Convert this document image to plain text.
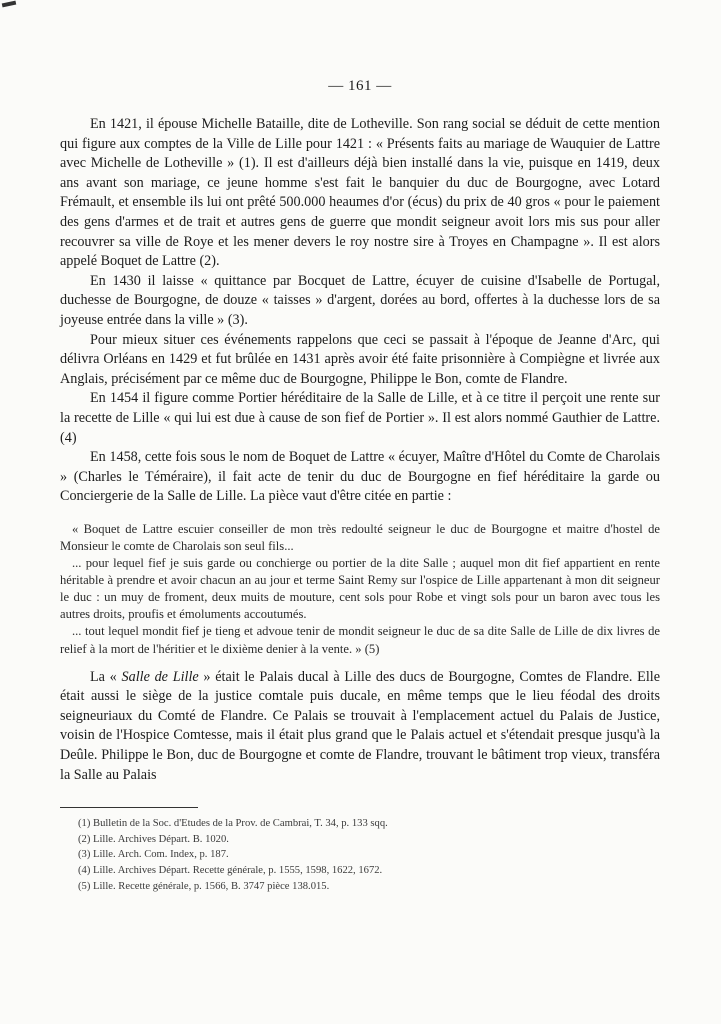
— 161 —

En 1421, il épouse Michelle Bataille, dite de Lotheville. Son rang social se déduit de cette mention qui figure aux comptes de la Ville de Lille pour 1421 : « Présents faits au mariage de Wauquier de Lattre avec Michelle de Lotheville » (1). Il est d'ailleurs déjà bien installé dans la vie, puisque en 1419, deux ans avant son mariage, ce jeune homme s'est fait le banquier du duc de Bourgogne, avec Lotard Frémault, et ensemble ils lui ont prêté 500.000 heaumes d'or (écus) du prix de 40 gros « pour le paiement des gens d'armes et de trait et autres gens de guerre que mondit seigneur avoit lors mis sus pour aller recouvrer sa ville de Roye et les mener devers le roy nostre sire à Troyes en Champagne ». Il est alors appelé Boquet de Lattre (2).

En 1430 il laisse « quittance par Bocquet de Lattre, écuyer de cuisine d'Isabelle de Portugal, duchesse de Bourgogne, de douze « taisses » d'argent, dorées au bord, offertes à la duchesse lors de sa joyeuse entrée dans la ville » (3).

Pour mieux situer ces événements rappelons que ceci se passait à l'époque de Jeanne d'Arc, qui délivra Orléans en 1429 et fut brûlée en 1431 après avoir été faite prisonnière à Compiègne et livrée aux Anglais, précisément par ce même duc de Bourgogne, Philippe le Bon, comte de Flandre.

En 1454 il figure comme Portier héréditaire de la Salle de Lille, et à ce titre il perçoit une rente sur la recette de Lille « qui lui est due à cause de son fief de Portier ». Il est alors nommé Gauthier de Lattre. (4)

En 1458, cette fois sous le nom de Boquet de Lattre « écuyer, Maître d'Hôtel du Comte de Charolais » (Charles le Téméraire), il fait acte de tenir du duc de Bourgogne en fief héréditaire la garde ou Conciergerie de la Salle de Lille. La pièce vaut d'être citée en partie :

« Boquet de Lattre escuier conseiller de mon très redoulté seigneur le duc de Bourgogne et maitre d'hostel de Monsieur le comte de Charolais son seul fils...

... pour lequel fief je suis garde ou conchierge ou portier de la dite Salle ; auquel mon dit fief appartient en rente héritable à prendre et avoir chacun an au jour et terme Saint Remy sur l'ospice de Lille appartenant à mon dit seigneur le duc : un muy de froment, deux muits de mouture, cent sols pour Robe et vingt sols pour un baron avec tous les autres droits, proufis et émoluments accoutumés.

... tout lequel mondit fief je tieng et advoue tenir de mondit seigneur le duc de sa dite Salle de Lille de dix livres de relief à la mort de l'héritier et le dixième denier à la vente. » (5)

La « Salle de Lille » était le Palais ducal à Lille des ducs de Bourgogne, Comtes de Flandre. Elle était aussi le siège de la justice comtale puis ducale, en même temps que le lieu féodal des droits seigneuriaux du Comté de Flandre. Ce Palais se trouvait à l'emplacement actuel du Palais de Justice, voisin de l'Hospice Comtesse, mais il était plus grand que le Palais actuel et s'étendait presque jusqu'à la Deûle. Philippe le Bon, duc de Bourgogne et comte de Flandre, trouvant le bâtiment trop vieux, transféra la Salle au Palais

(1) Bulletin de la Soc. d'Etudes de la Prov. de Cambrai, T. 34, p. 133 sqq.
(2) Lille. Archives Départ. B. 1020.
(3) Lille. Arch. Com. Index, p. 187.
(4) Lille. Archives Départ. Recette générale, p. 1555, 1598, 1622, 1672.
(5) Lille. Recette générale, p. 1566, B. 3747 pièce 138.015.
